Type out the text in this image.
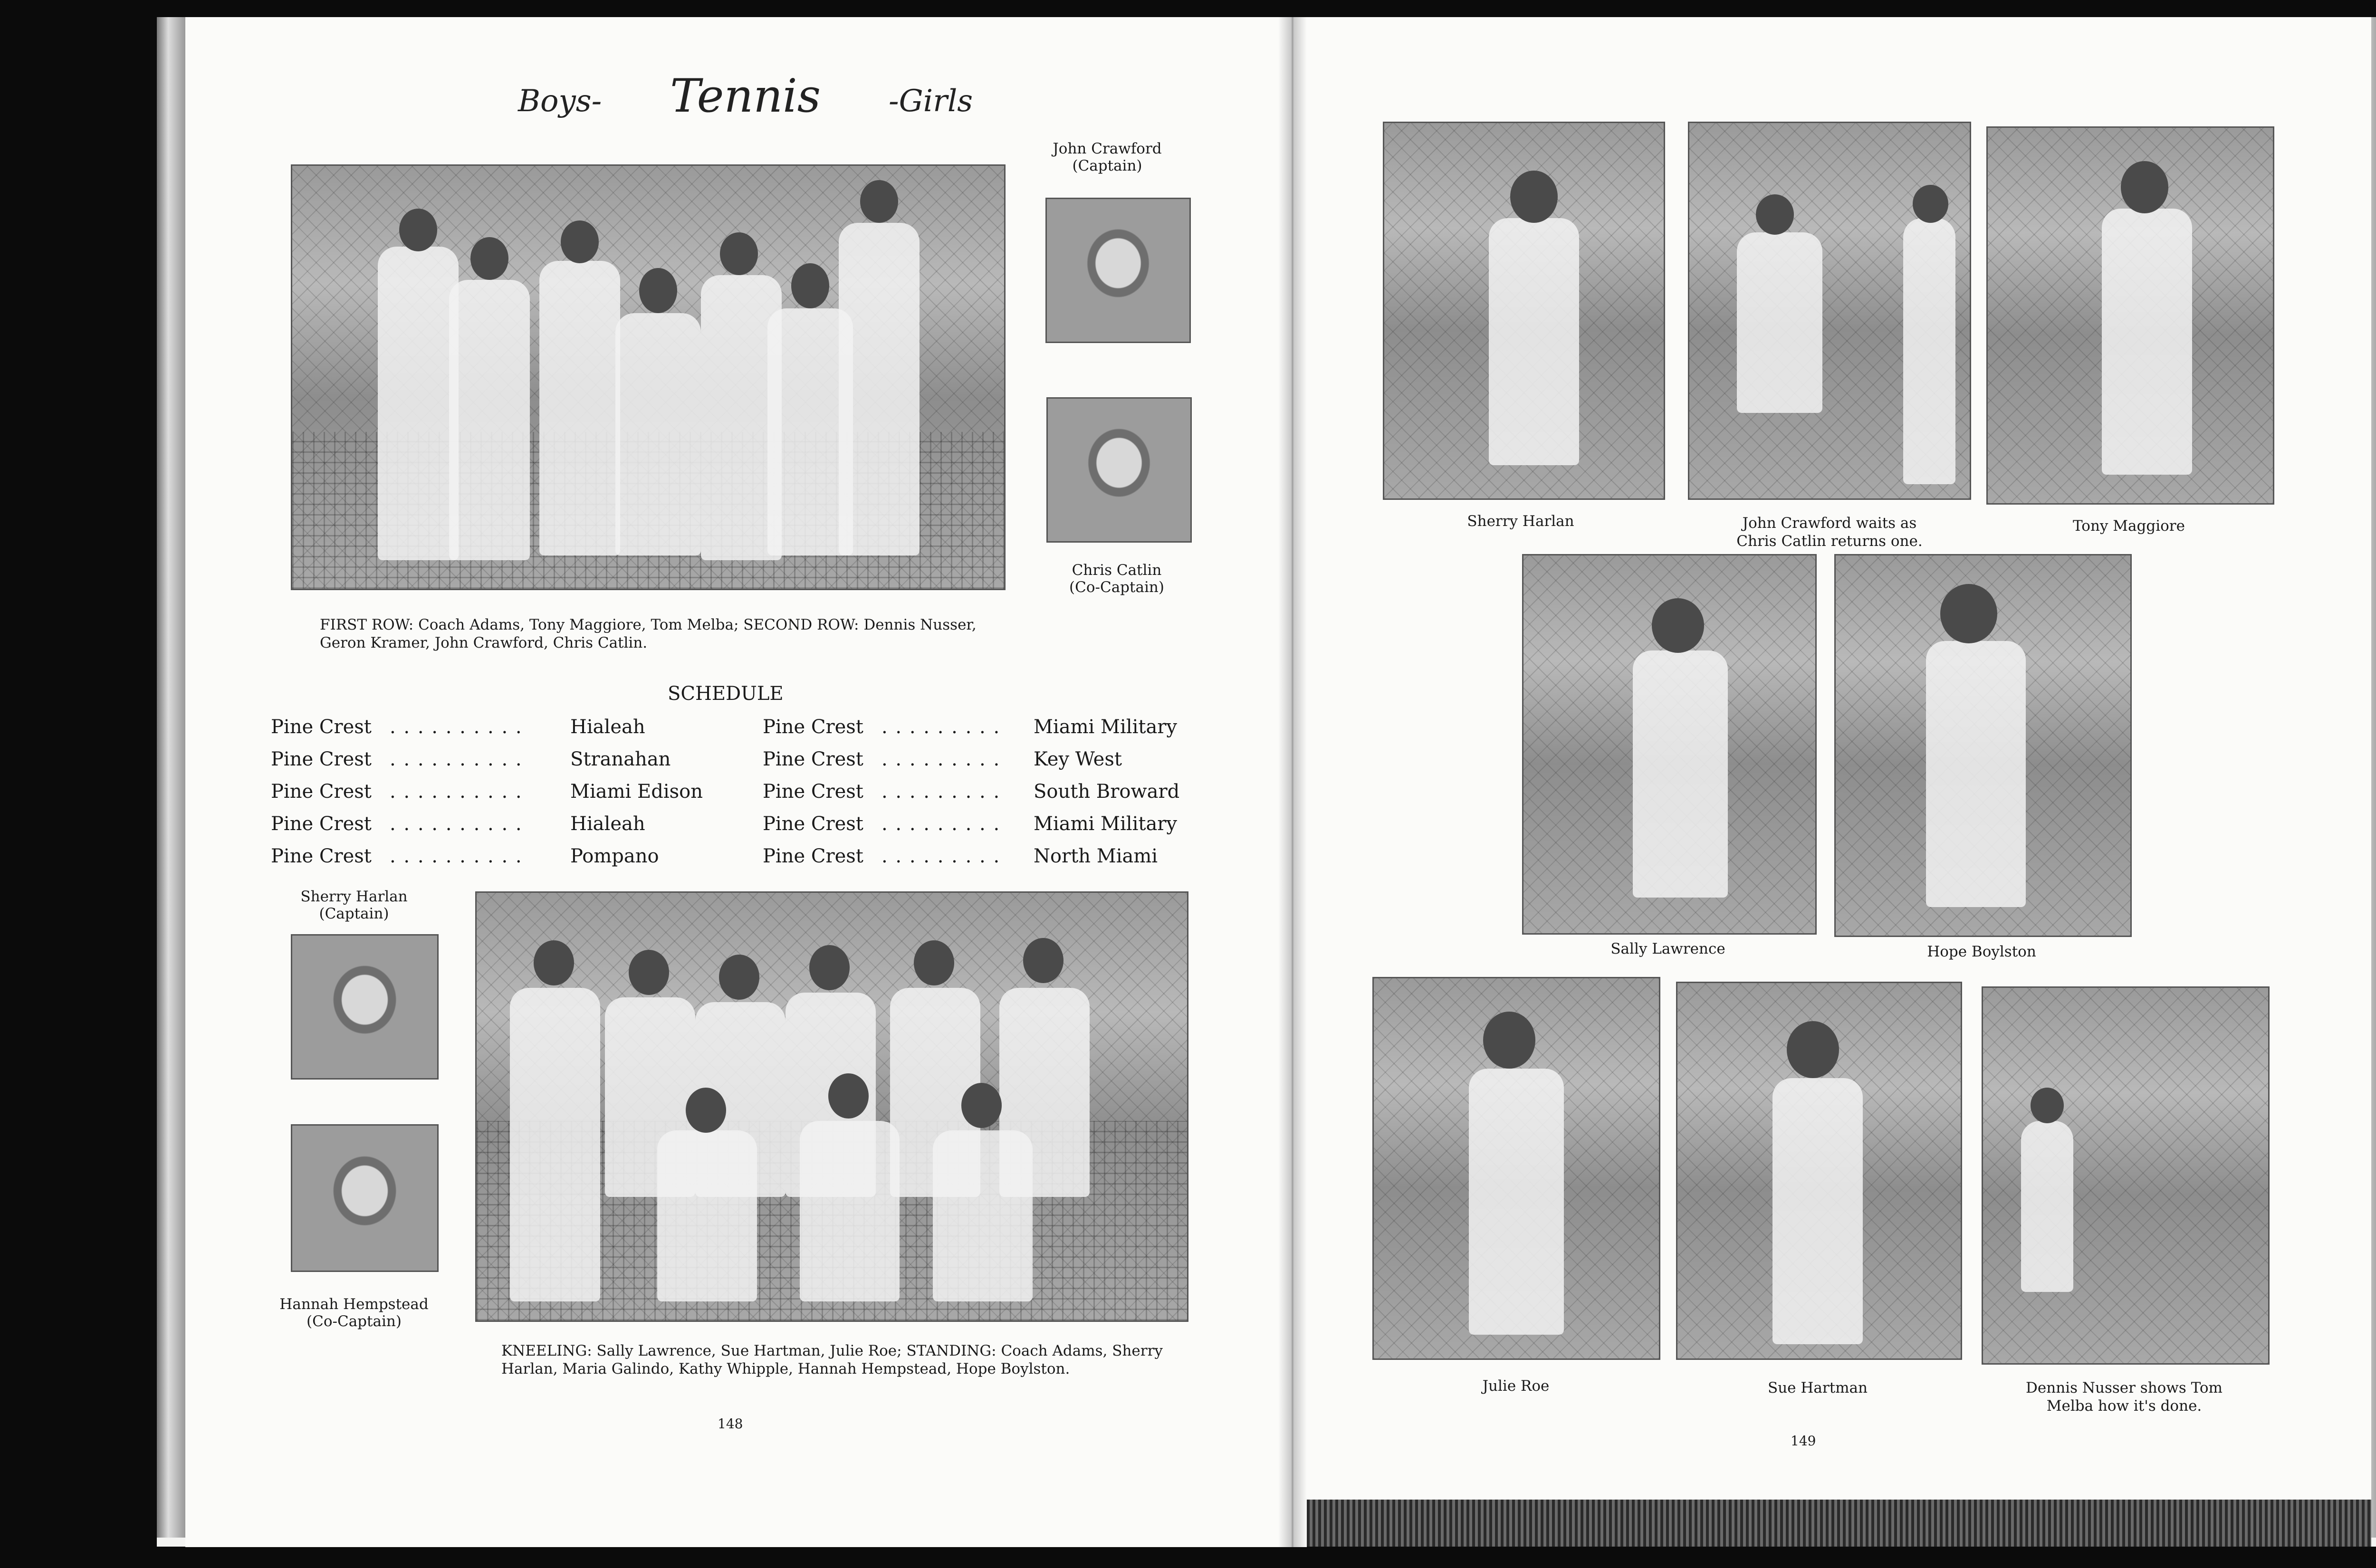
Boys- Tennis -Girls
FIRST ROW: Coach Adams, Tony Maggiore, Tom Melba; SECOND ROW: Dennis Nusser, Geron Kramer, John Crawford, Chris Catlin.
John Crawford
(Captain)
Chris Catlin
(Co-Captain)
SCHEDULE
Pine Crest . . . . . . . . . .	Hialeah
Pine Crest . . . . . . . . . .	Stranahan
Pine Crest . . . . . . . . . .	Miami Edison
Pine Crest . . . . . . . . . .	Hialeah
Pine Crest . . . . . . . . . .	Pompano
Pine Crest . . . . . . . . . Miami Military
Pine Crest . . . . . . . . . Key West
Pine Crest . . . . . . . . . South Broward
Pine Crest . . . . . . . . . Miami Military
Pine Crest . . . . . . . . . North Miami
Sherry Harlan
(Captain)
Hannah Hempstead
(Co-Captain)
KNEELING: Sally Lawrence, Sue Hartman, Julie Roe; STANDING: Coach Adams, Sherry Harlan, Maria Galindo, Kathy Whipple, Hannah Hempstead, Hope Boylston.
148
Sherry Harlan	John Crawford waits as Chris Catlin returns one.
Tony Maggiore
Sally Lawrence	Hope Boylston
Julie Roe	Sue Hartman	Dennis Nusser shows Tom Melba how it's done.
149
